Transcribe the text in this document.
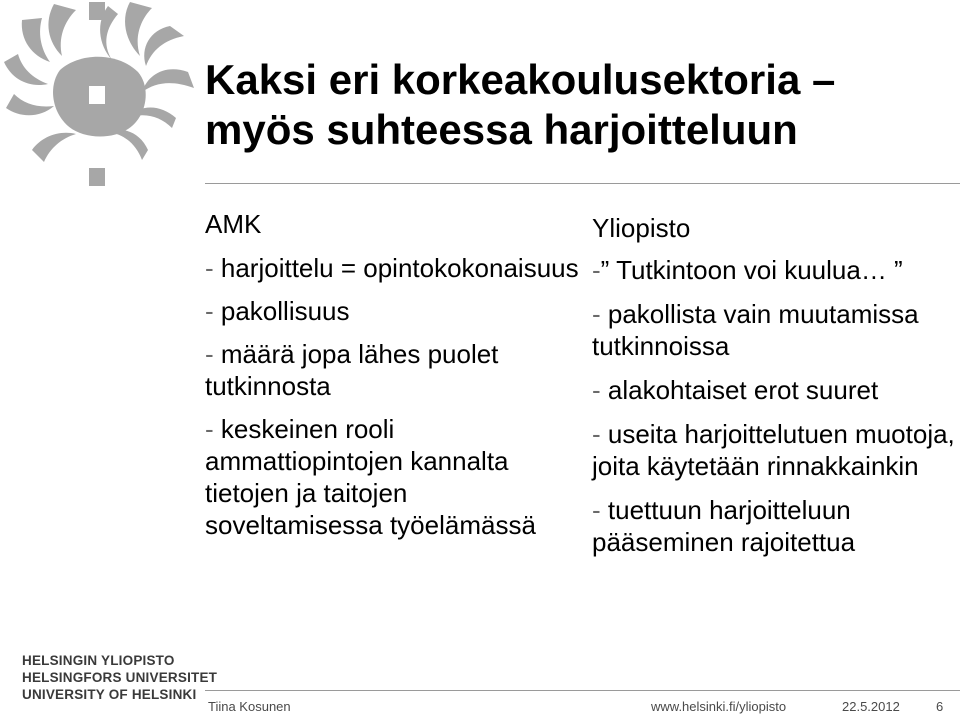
Kaksi eri korkeakoulusektoria –
myös suhteessa harjoitteluun
AMK
- harjoittelu = opintokokonaisuus
- pakollisuus
- määrä jopa lähes puolet tutkinnosta
- keskeinen rooli ammattiopintojen kannalta tietojen ja taitojen soveltamisessa työelämässä
Yliopisto
-” Tutkintoon voi kuulua… ”
- pakollista vain muutamissa tutkinnoissa
- alakohtaiset erot suuret
- useita harjoittelutuen muotoja, joita käytetään rinnakkainkin
- tuettuun harjoitteluun pääseminen rajoitettua
HELSINGIN YLIOPISTO
HELSINGFORS UNIVERSITET
UNIVERSITY OF HELSINKI
Tiina Kosunen	www.helsinki.fi/yliopisto	22.5.2012	6
